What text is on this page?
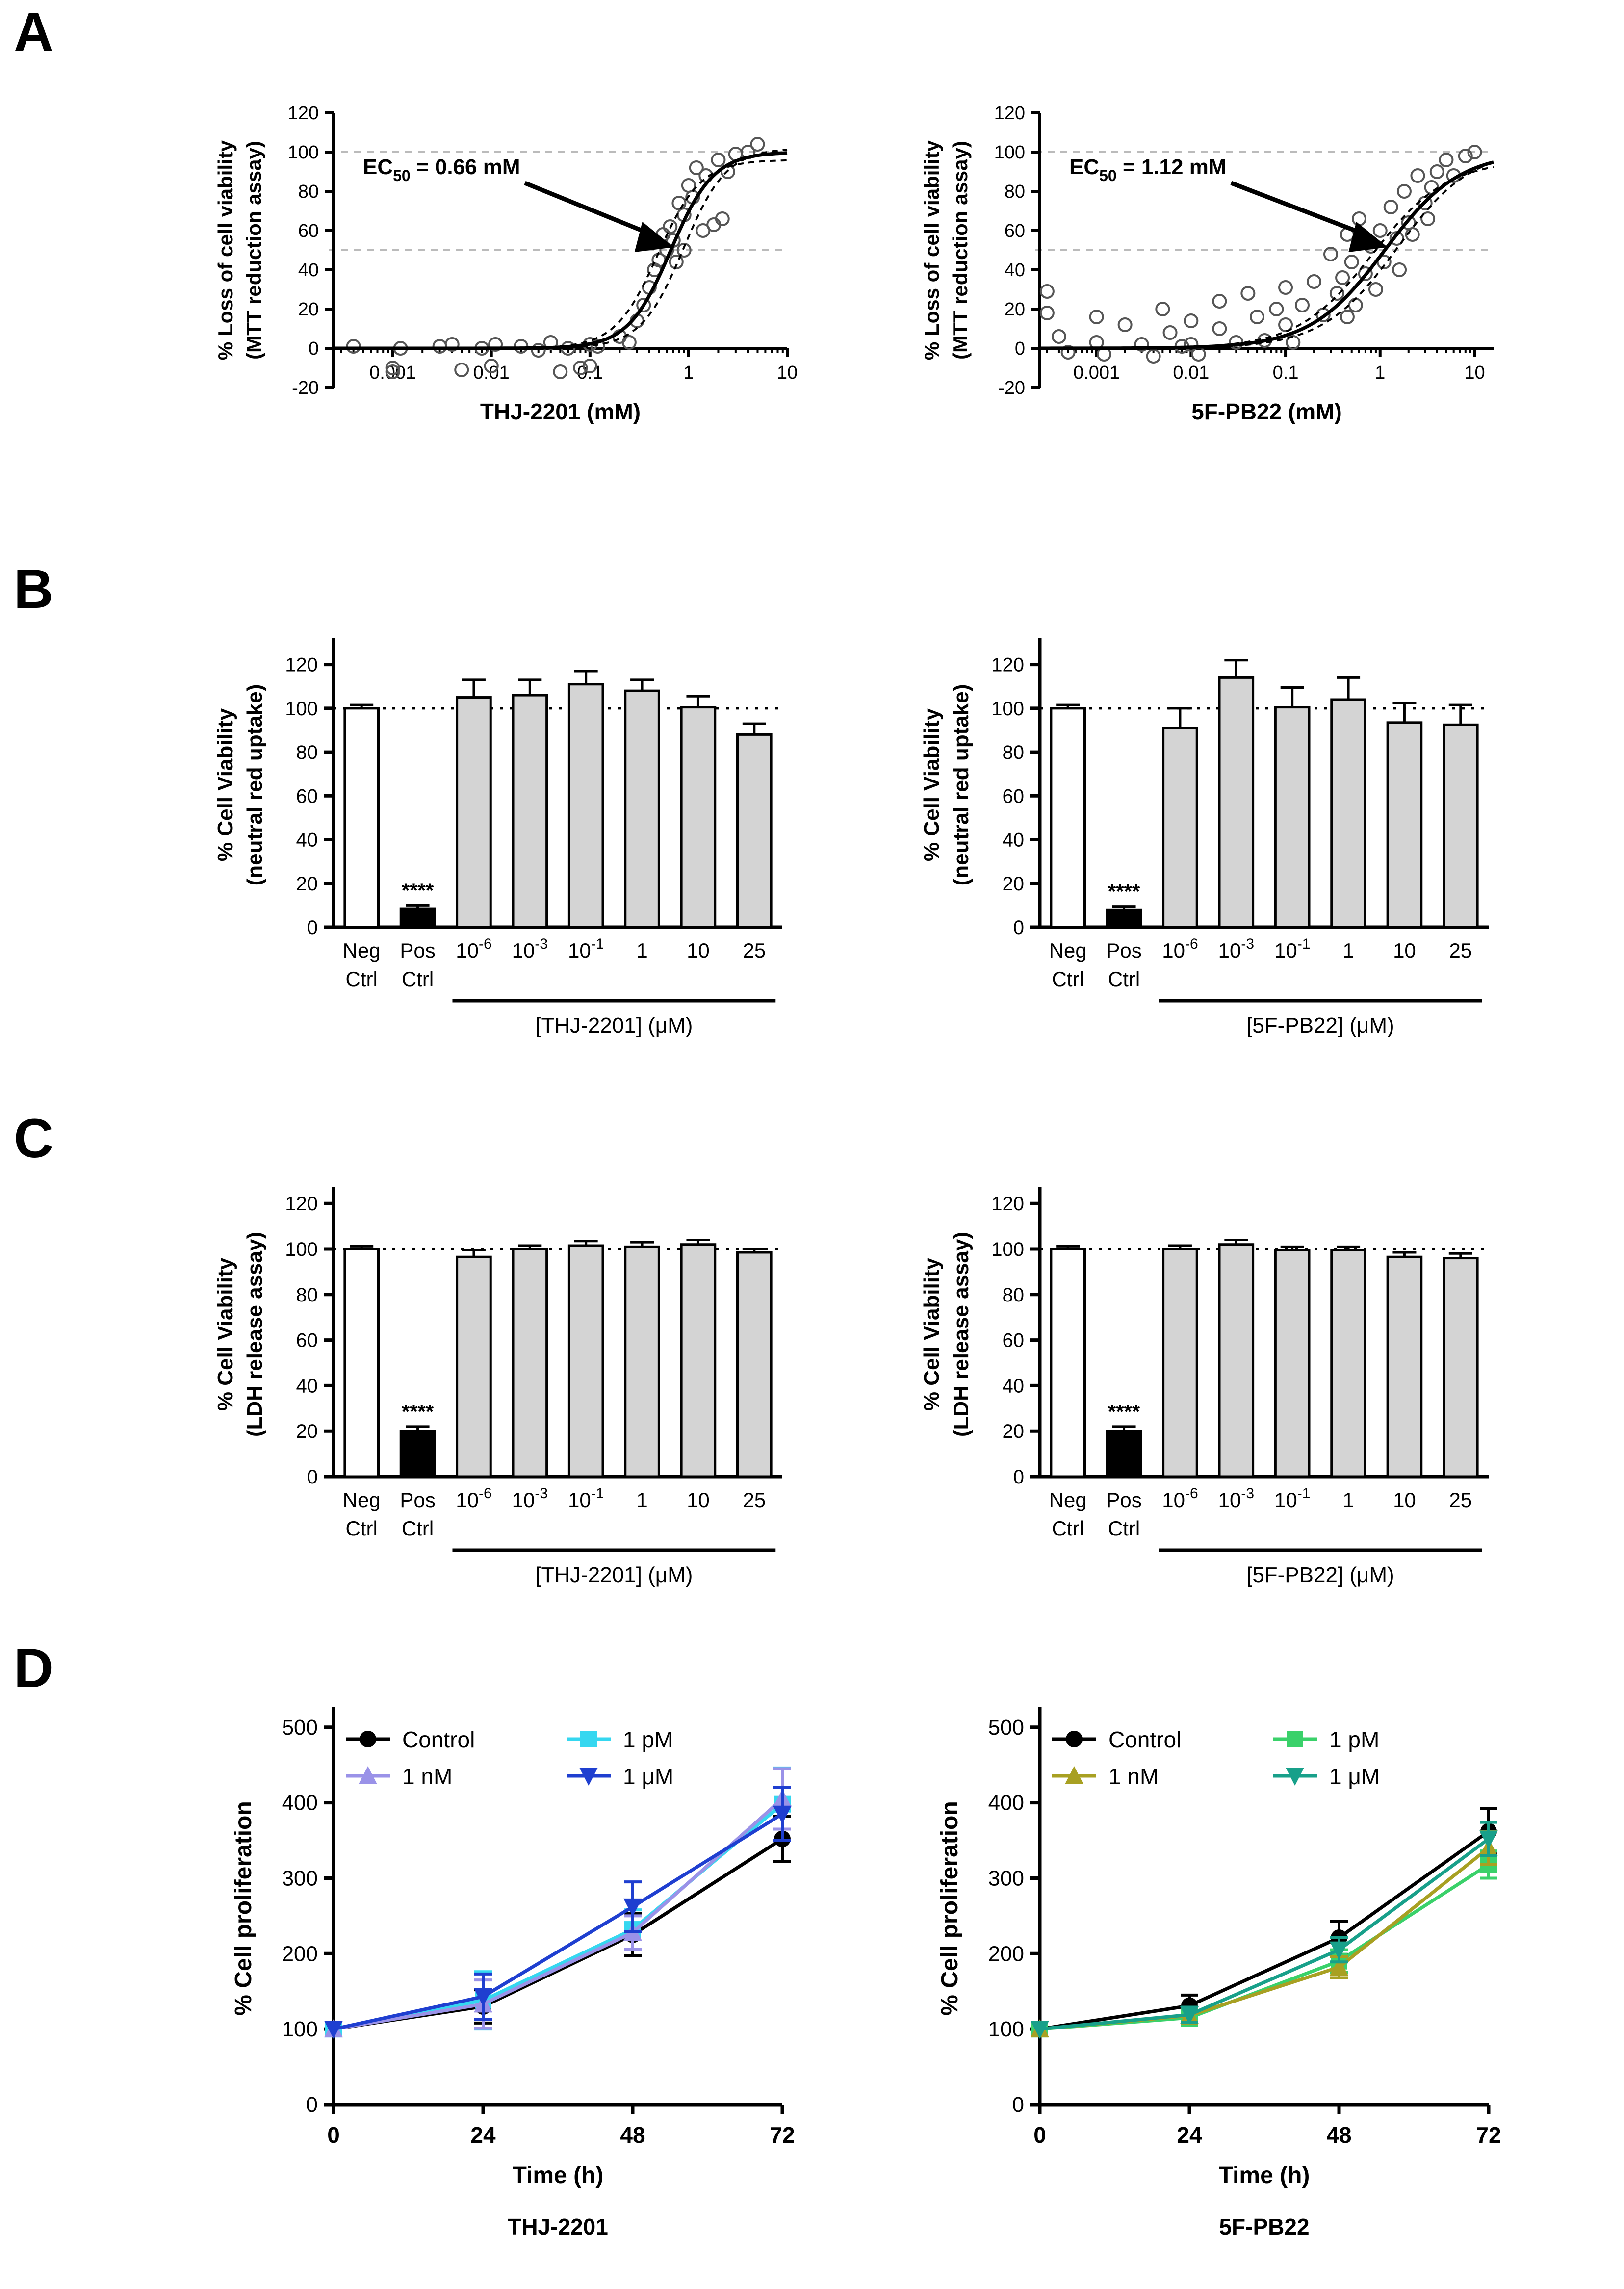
A
B
C
D
-20
0
20
40
60
80
100
120
0.001	0.01	0.1	1	10
$EC_{50} = 0.66$ mM
% Loss of cell viability (MTT reduction assay)
THJ-2201 (mM)
-20
0
20
40
60
80
100
120
0.001	0.01	0.1	1	10
$EC_{50} = 1.12$ mM
% Loss of cell viability (MTT reduction assay)
5F-PB22 (mM)
0
20
40
60
80
100
120
Neg
Ctrl
****
Pos
Ctrl
$10^{-6}$ $10^{-3}$ $10^{-1}$ 1 10 25
[THJ-2201] (μM)
% Cell Viability (neutral red uptake)
0
20
40
60
80
100
120
Neg
Ctrl
****
Pos
Ctrl
$10^{-6}$ $10^{-3}$ $10^{-1}$ 1 10 25
[5F-PB22] (μM)
% Cell Viability (neutral red uptake)
0
20
40
60
80
100
120
Neg
Ctrl
****
Pos
Ctrl
$10^{-6}$ $10^{-3}$ $10^{-1}$ 1 10 25
[THJ-2201] (μM)
% Cell Viability (LDH release assay)
0
20
40
60
80
100
120
Neg
Ctrl
****
Pos
Ctrl
$10^{-6}$ $10^{-3}$ $10^{-1}$ 1 10 25
[5F-PB22] (μM)
% Cell Viability (LDH release assay)
0
100
200
300
400
500
0	24	48	72
Control	1 pM
1 nM	1 μM
% Cell proliferation
Time (h)
THJ-2201
0
100
200
300
400
500
0	24	48	72
Control	1 pM
1 nM	1 μM
% Cell proliferation
Time (h)
5F-PB22
